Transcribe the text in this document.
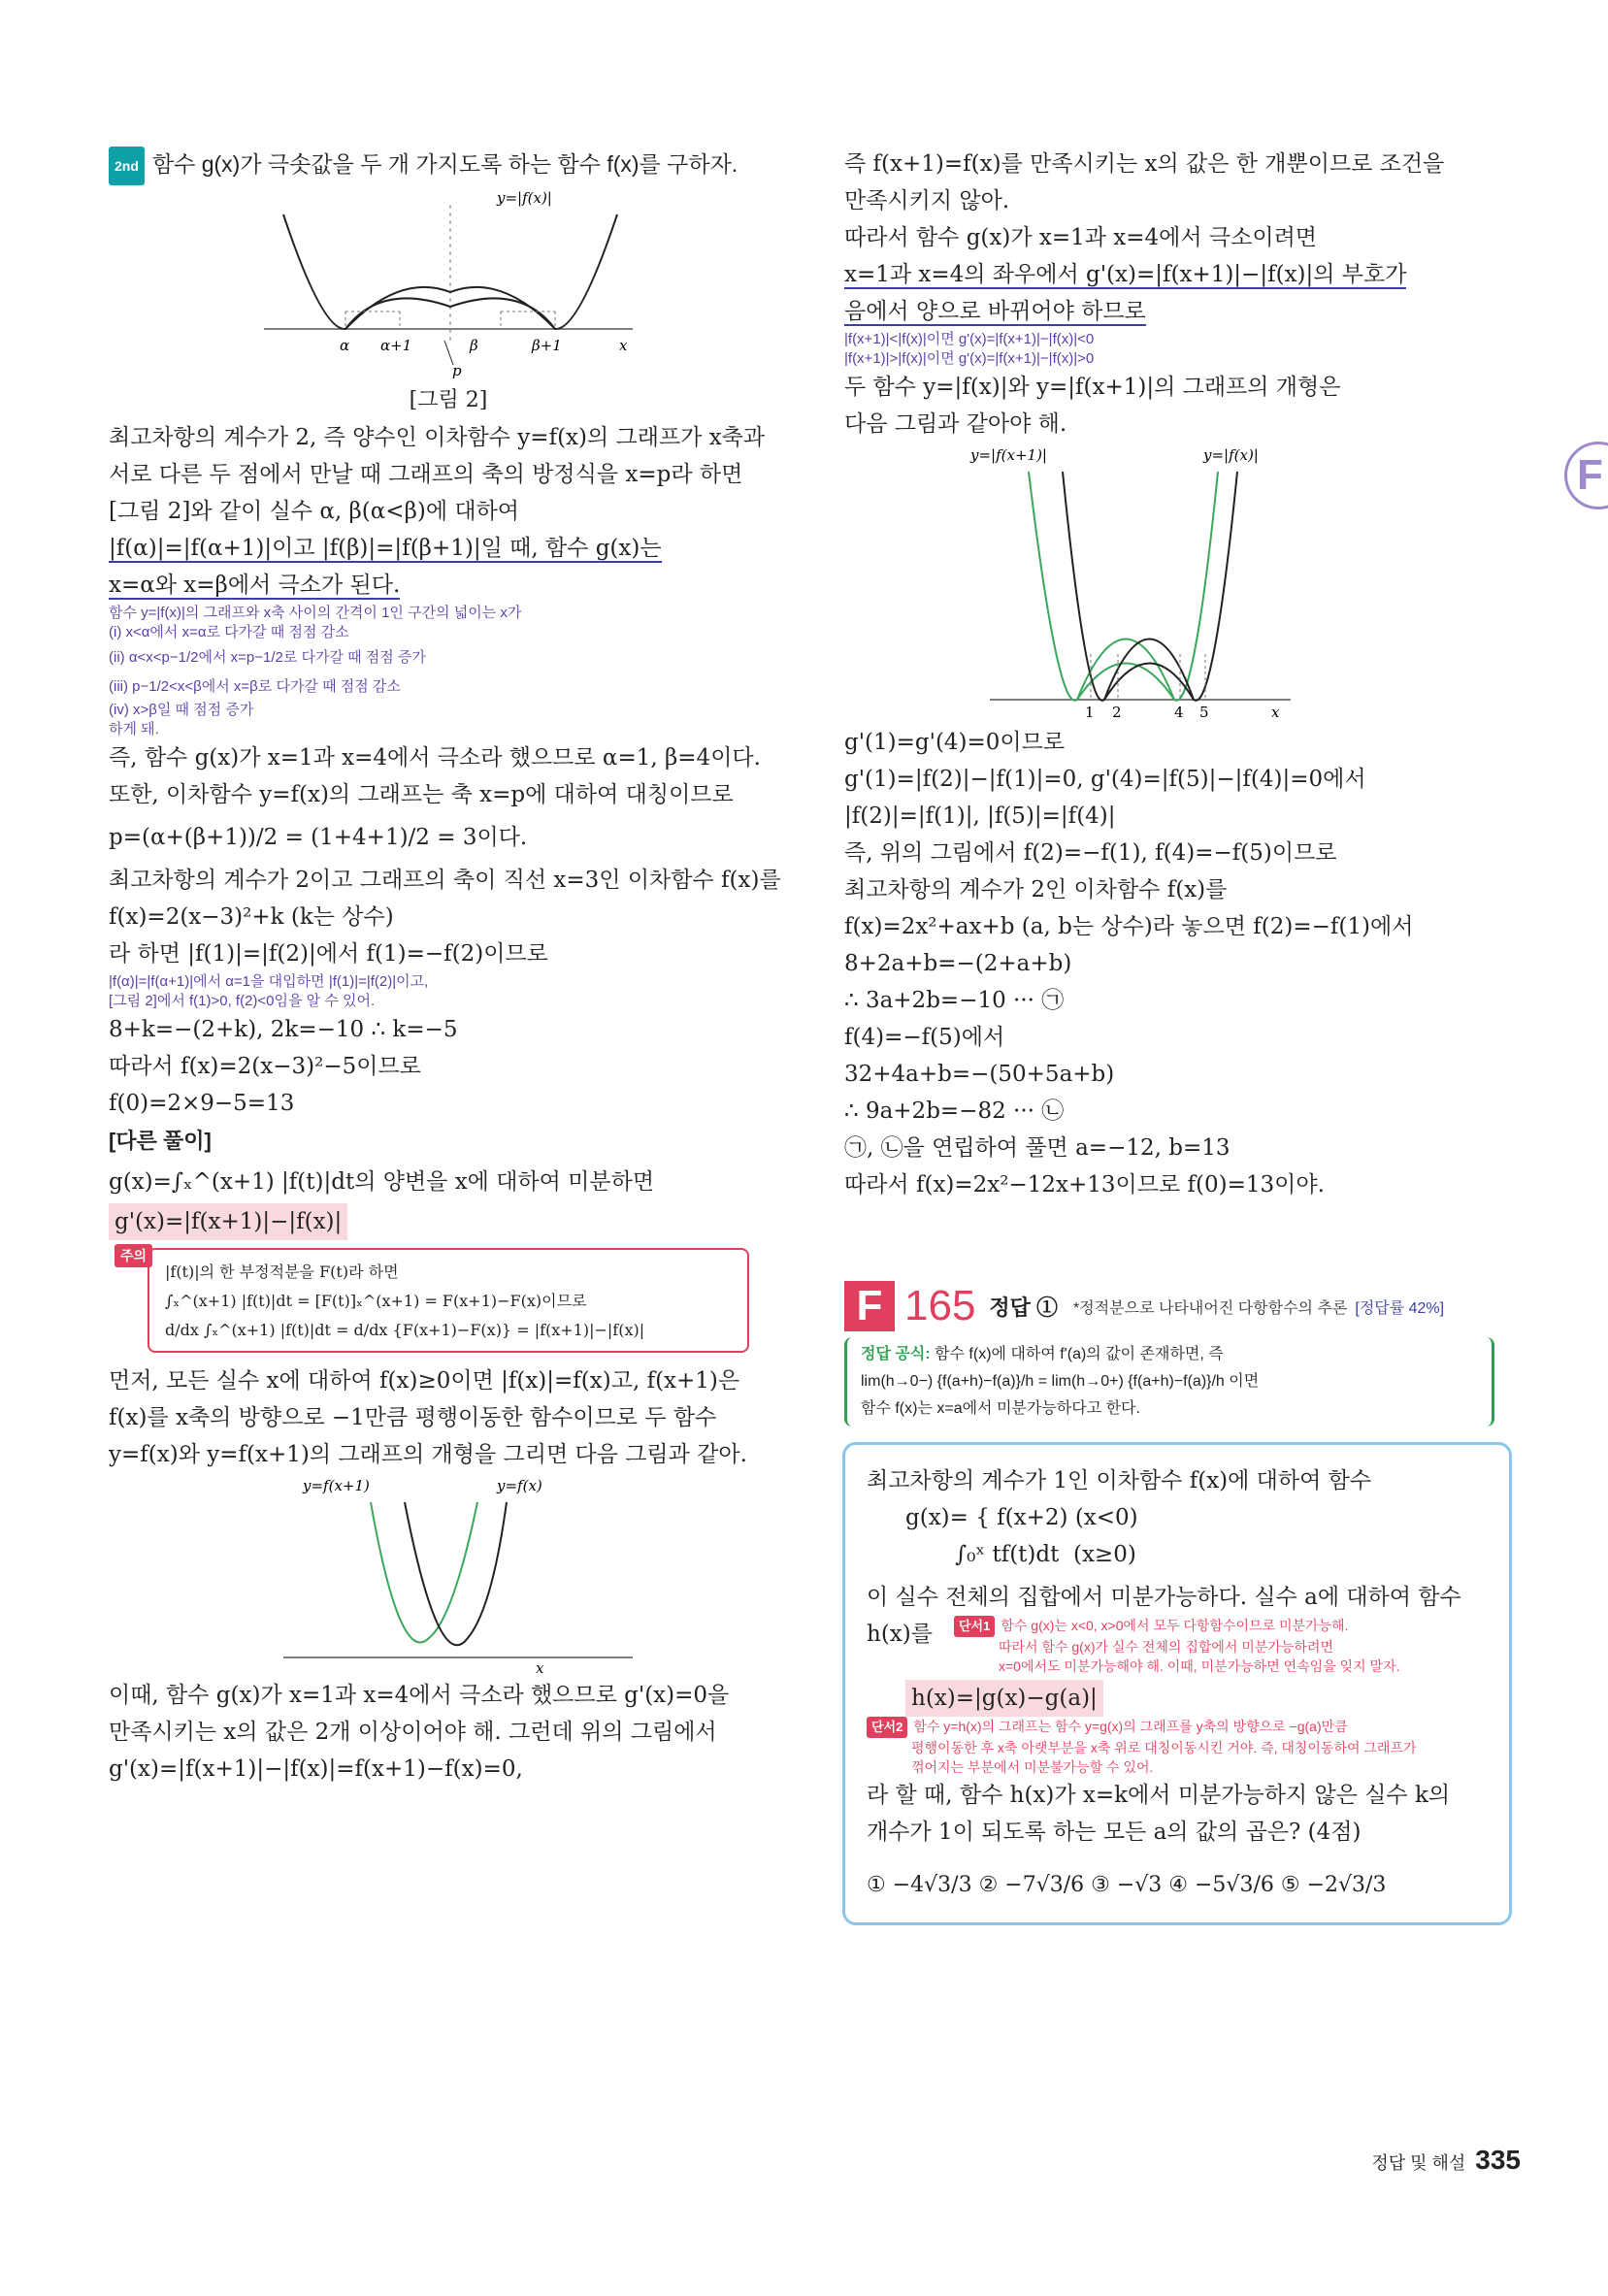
2nd 함수 g(x)가 극솟값을 두 개 가지도록 하는 함수 f(x)를 구하자.
y=|f(x)|
α α+1	β	β+1	x
p
[그림 2]
최고차항의 계수가 2, 즉 양수인 이차함수 y=f(x)의 그래프가 x축과
서로 다른 두 점에서 만날 때 그래프의 축의 방정식을 x=p라 하면
[그림 2]와 같이 실수 α, β(α<β)에 대하여
|f(α)|=|f(α+1)|이고 |f(β)|=|f(β+1)|일 때, 함수 g(x)는
x=α와 x=β에서 극소가 된다.
함수 y=|f(x)|의 그래프와 x축 사이의 간격이 1인 구간의 넓이는 x가
(i) x<α에서 x=α로 다가갈 때 점점 감소
(ii) α<x<p−1/2에서 x=p−1/2로 다가갈 때 점점 증가
(iii) p−1/2<x<β에서 x=β로 다가갈 때 점점 감소
(iv) x>β일 때 점점 증가
하게 돼.
즉, 함수 g(x)가 x=1과 x=4에서 극소라 했으므로 α=1, β=4이다.
또한, 이차함수 y=f(x)의 그래프는 축 x=p에 대하여 대칭이므로
p=(α+(β+1))/2 = (1+4+1)/2 = 3이다.
최고차항의 계수가 2이고 그래프의 축이 직선 x=3인 이차함수 f(x)를
f(x)=2(x−3)²+k (k는 상수)
라 하면 |f(1)|=|f(2)|에서 f(1)=−f(2)이므로
|f(α)|=|f(α+1)|에서 α=1을 대입하면 |f(1)|=|f(2)|이고,
[그림 2]에서 f(1)>0, f(2)<0임을 알 수 있어.
8+k=−(2+k), 2k=−10 ∴ k=−5
따라서 f(x)=2(x−3)²−5이므로
f(0)=2×9−5=13
[다른 풀이]
g(x)=∫ₓ^(x+1) |f(t)|dt의 양변을 x에 대하여 미분하면
g'(x)=|f(x+1)|−|f(x)|
주의
|f(t)|의 한 부정적분을 F(t)라 하면
∫ₓ^(x+1) |f(t)|dt = [F(t)]ₓ^(x+1) = F(x+1)−F(x)이므로
d/dx ∫ₓ^(x+1) |f(t)|dt = d/dx {F(x+1)−F(x)} = |f(x+1)|−|f(x)|
먼저, 모든 실수 x에 대하여 f(x)≥0이면 |f(x)|=f(x)고, f(x+1)은
f(x)를 x축의 방향으로 −1만큼 평행이동한 함수이므로 두 함수
y=f(x)와 y=f(x+1)의 그래프의 개형을 그리면 다음 그림과 같아.
y=f(x+1)	y=f(x)
x
이때, 함수 g(x)가 x=1과 x=4에서 극소라 했으므로 g'(x)=0을
만족시키는 x의 값은 2개 이상이어야 해. 그런데 위의 그림에서
g'(x)=|f(x+1)|−|f(x)|=f(x+1)−f(x)=0,
즉 f(x+1)=f(x)를 만족시키는 x의 값은 한 개뿐이므로 조건을
만족시키지 않아.
따라서 함수 g(x)가 x=1과 x=4에서 극소이려면
x=1과 x=4의 좌우에서 g'(x)=|f(x+1)|−|f(x)|의 부호가
음에서 양으로 바뀌어야 하므로
|f(x+1)|<|f(x)|이면 g'(x)=|f(x+1)|−|f(x)|<0
|f(x+1)|>|f(x)|이면 g'(x)=|f(x+1)|−|f(x)|>0
두 함수 y=|f(x)|와 y=|f(x+1)|의 그래프의 개형은
다음 그림과 같아야 해.
y=|f(x+1)|	y=|f(x)|
1 2	4 5	x
g'(1)=g'(4)=0이므로
g'(1)=|f(2)|−|f(1)|=0, g'(4)=|f(5)|−|f(4)|=0에서
|f(2)|=|f(1)|, |f(5)|=|f(4)|
즉, 위의 그림에서 f(2)=−f(1), f(4)=−f(5)이므로
최고차항의 계수가 2인 이차함수 f(x)를
f(x)=2x²+ax+b (a, b는 상수)라 놓으면 f(2)=−f(1)에서
8+2a+b=−(2+a+b)
∴ 3a+2b=−10 ··· ㉠
f(4)=−f(5)에서
32+4a+b=−(50+5a+b)
∴ 9a+2b=−82 ··· ㉡
㉠, ㉡을 연립하여 풀면 a=−12, b=13
따라서 f(x)=2x²−12x+13이므로 f(0)=13이야.
F 165 정답 ① *정적분으로 나타내어진 다항함수의 추론 [정답률 42%]
정답 공식: 함수 f(x)에 대하여 f'(a)의 값이 존재하면, 즉
lim(h→0−) {f(a+h)−f(a)}/h = lim(h→0+) {f(a+h)−f(a)}/h 이면
함수 f(x)는 x=a에서 미분가능하다고 한다.
최고차항의 계수가 1인 이차함수 f(x)에 대하여 함수
g(x)= { f(x+2) (x<0)
∫₀ˣ tf(t)dt  (x≥0)
이 실수 전체의 집합에서 미분가능하다. 실수 a에 대하여 함수
h(x)를	단서1 함수 g(x)는 x<0, x>0에서 모두 다항함수이므로 미분가능해.
따라서 함수 g(x)가 실수 전체의 집합에서 미분가능하려면
x=0에서도 미분가능해야 해. 이때, 미분가능하면 연속임을 잊지 말자.
h(x)=|g(x)−g(a)|
단서2 함수 y=h(x)의 그래프는 함수 y=g(x)의 그래프를 y축의 방향으로 −g(a)만큼
평행이동한 후 x축 아랫부분을 x축 위로 대칭이동시킨 거야. 즉, 대칭이동하여 그래프가
꺾어지는 부분에서 미분불가능할 수 있어.
라 할 때, 함수 h(x)가 x=k에서 미분가능하지 않은 실수 k의
개수가 1이 되도록 하는 모든 a의 값의 곱은? (4점)
① −4√3/3 ② −7√3/6 ③ −√3 ④ −5√3/6 ⑤ −2√3/3
F
정답 및 해설 335
